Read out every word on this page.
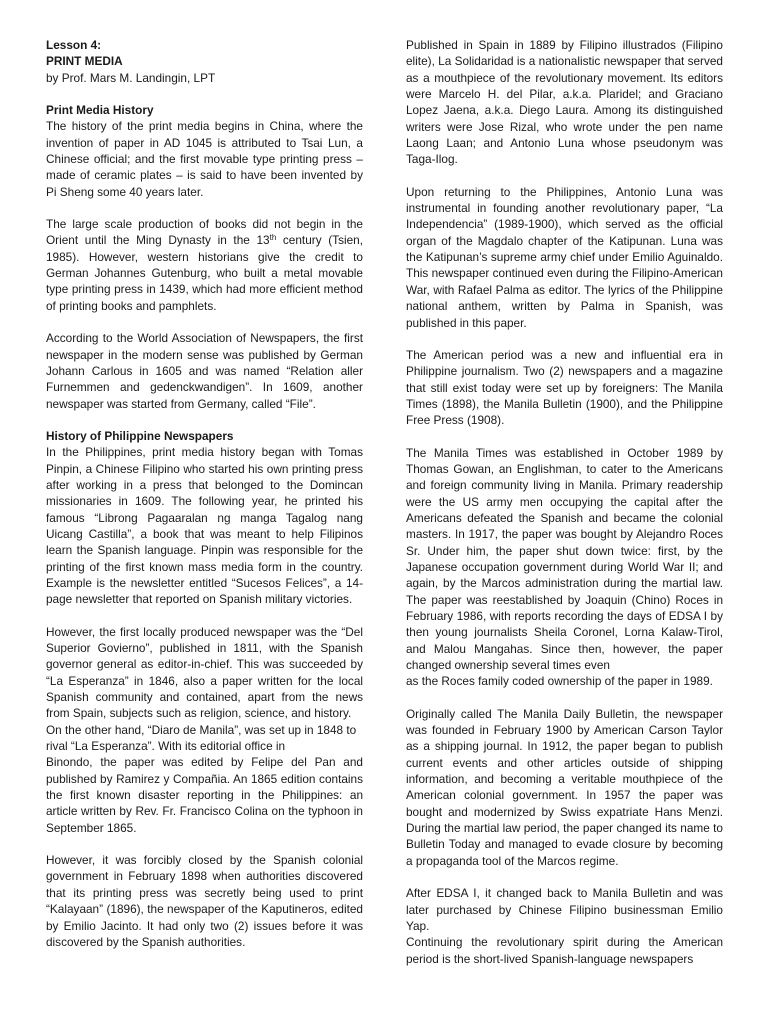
Lesson 4:

PRINT MEDIA

by Prof. Mars M. Landingin, LPT

Print Media History

The history of the print media begins in China, where the invention of paper in AD 1045 is attributed to Tsai Lun, a Chinese official; and the first movable type printing press – made of ceramic plates – is said to have been invented by Pi Sheng some 40 years later.

The large scale production of books did not begin in the Orient until the Ming Dynasty in the 13th century (Tsien, 1985). However, western historians give the credit to German Johannes Gutenburg, who built a metal movable type printing press in 1439, which had more efficient method of printing books and pamphlets.

According to the World Association of Newspapers, the first newspaper in the modern sense was published by German Johann Carlous in 1605 and was named “Relation aller Furnemmen and gedenckwandigen”. In 1609, another newspaper was started from Germany, called “File”.

History of Philippine Newspapers

In the Philippines, print media history began with Tomas Pinpin, a Chinese Filipino who started his own printing press after working in a press that belonged to the Domincan missionaries in 1609. The following year, he printed his famous “Librong Pagaaralan ng manga Tagalog nang Uicang Castilla”, a book that was meant to help Filipinos learn the Spanish language. Pinpin was responsible for the printing of the first known mass media form in the country. Example is the newsletter entitled “Sucesos Felices”, a 14-page newsletter that reported on Spanish military victories.

However, the first locally produced newspaper was the “Del Superior Govierno”, published in 1811, with the Spanish governor general as editor-in-chief. This was succeeded by “La Esperanza” in 1846, also a paper written for the local Spanish community and contained, apart from the news from Spain, subjects such as religion, science, and history.

On the other hand, “Diaro de Manila”, was set up in 1848 to rival “La Esperanza”. With its editorial office in

Binondo, the paper was edited by Felipe del Pan and published by Ramirez y Compañia. An 1865 edition contains the first known disaster reporting in the Philippines: an article written by Rev. Fr. Francisco Colina on the typhoon in September 1865.

However, it was forcibly closed by the Spanish colonial government in February 1898 when authorities discovered that its printing press was secretly being used to print “Kalayaan” (1896), the newspaper of the Kaputineros, edited by Emilio Jacinto. It had only two (2) issues before it was discovered by the Spanish authorities.

Published in Spain in 1889 by Filipino illustrados (Filipino elite), La Solidaridad is a nationalistic newspaper that served as a mouthpiece of the revolutionary movement. Its editors were Marcelo H. del Pilar, a.k.a. Plaridel; and Graciano Lopez Jaena, a.k.a. Diego Laura. Among its distinguished writers were Jose Rizal, who wrote under the pen name Laong Laan; and Antonio Luna whose pseudonym was Taga-Ilog.

Upon returning to the Philippines, Antonio Luna was instrumental in founding another revolutionary paper, “La Independencia” (1989-1900), which served as the official organ of the Magdalo chapter of the Katipunan. Luna was the Katipunan’s supreme army chief under Emilio Aguinaldo. This newspaper continued even during the Filipino-American War, with Rafael Palma as editor. The lyrics of the Philippine national anthem, written by Palma in Spanish, was published in this paper.

The American period was a new and influential era in Philippine journalism. Two (2) newspapers and a magazine that still exist today were set up by foreigners: The Manila Times (1898), the Manila Bulletin (1900), and the Philippine Free Press (1908).

The Manila Times was established in October 1989 by Thomas Gowan, an Englishman, to cater to the Americans and foreign community living in Manila. Primary readership were the US army men occupying the capital after the Americans defeated the Spanish and became the colonial masters. In 1917, the paper was bought by Alejandro Roces Sr. Under him, the paper shut down twice: first, by the Japanese occupation government during World War II; and again, by the Marcos administration during the martial law. The paper was reestablished by Joaquin (Chino) Roces in February 1986, with reports recording the days of EDSA I by then young journalists Sheila Coronel, Lorna Kalaw-Tirol, and Malou Mangahas. Since then, however, the paper changed ownership several times even

as the Roces family coded ownership of the paper in 1989.

Originally called The Manila Daily Bulletin, the newspaper was founded in February 1900 by American Carson Taylor as a shipping journal. In 1912, the paper began to publish current events and other articles outside of shipping information, and becoming a veritable mouthpiece of the American colonial government. In 1957 the paper was bought and modernized by Swiss expatriate Hans Menzi. During the martial law period, the paper changed its name to Bulletin Today and managed to evade closure by becoming a propaganda tool of the Marcos regime.

After EDSA I, it changed back to Manila Bulletin and was later purchased by Chinese Filipino businessman Emilio Yap.

Continuing the revolutionary spirit during the American period is the short-lived Spanish-language newspapers
